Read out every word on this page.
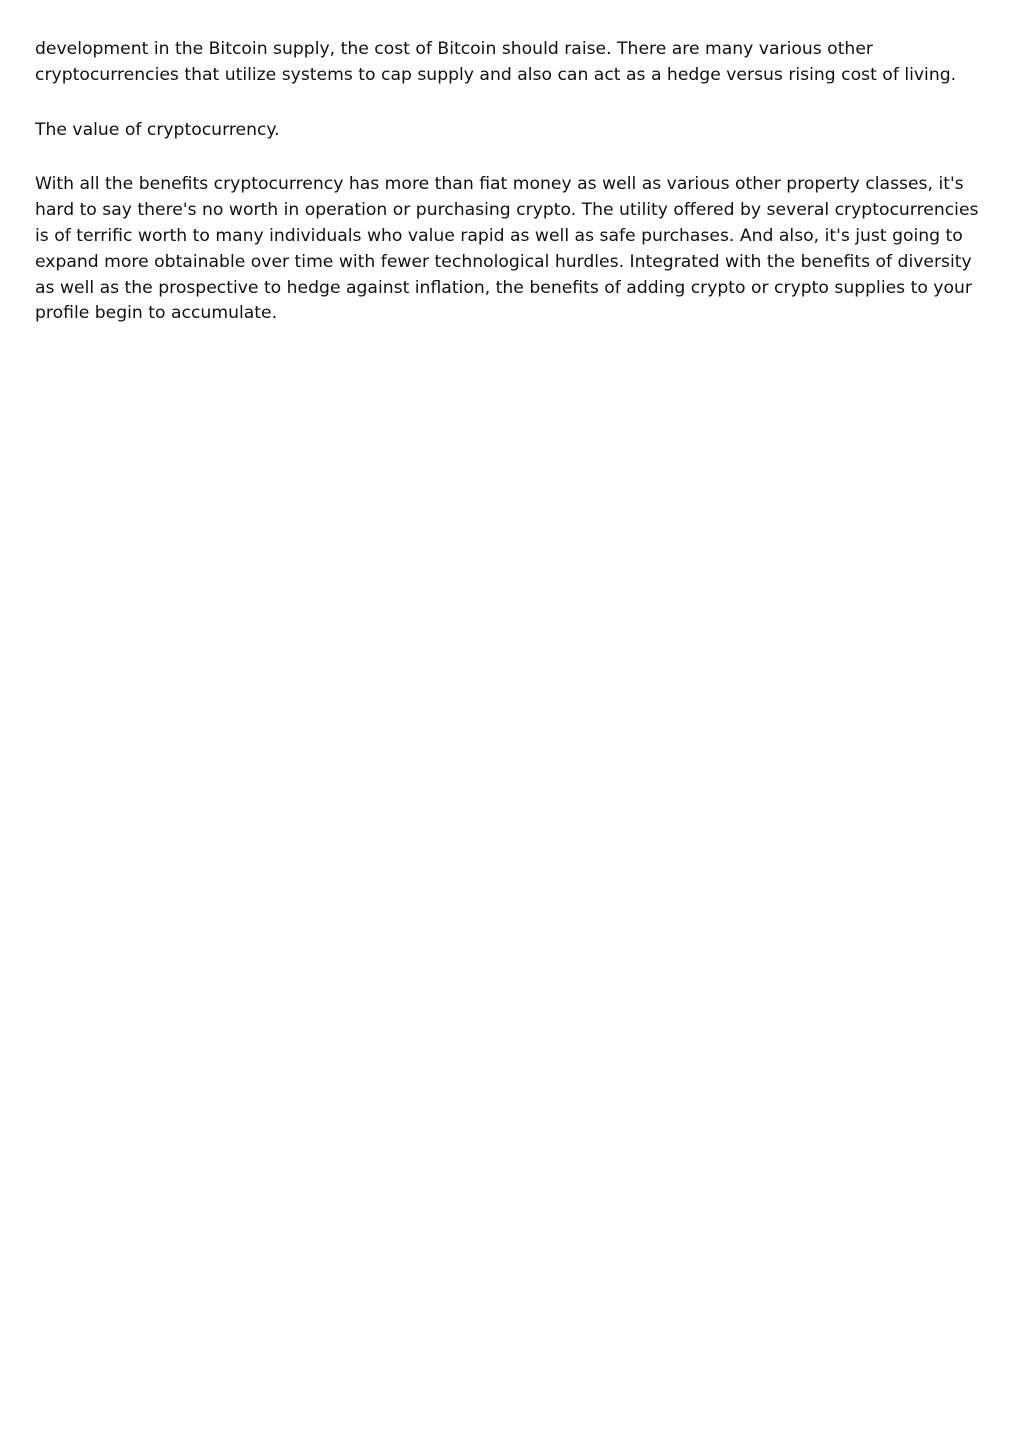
development in the Bitcoin supply, the cost of Bitcoin should raise. There are many various other cryptocurrencies that utilize systems to cap supply and also can act as a hedge versus rising cost of living.

The value of cryptocurrency.

With all the benefits cryptocurrency has more than fiat money as well as various other property classes, it's hard to say there's no worth in operation or purchasing crypto. The utility offered by several cryptocurrencies is of terrific worth to many individuals who value rapid as well as safe purchases. And also, it's just going to expand more obtainable over time with fewer technological hurdles. Integrated with the benefits of diversity as well as the prospective to hedge against inflation, the benefits of adding crypto or crypto supplies to your profile begin to accumulate.
